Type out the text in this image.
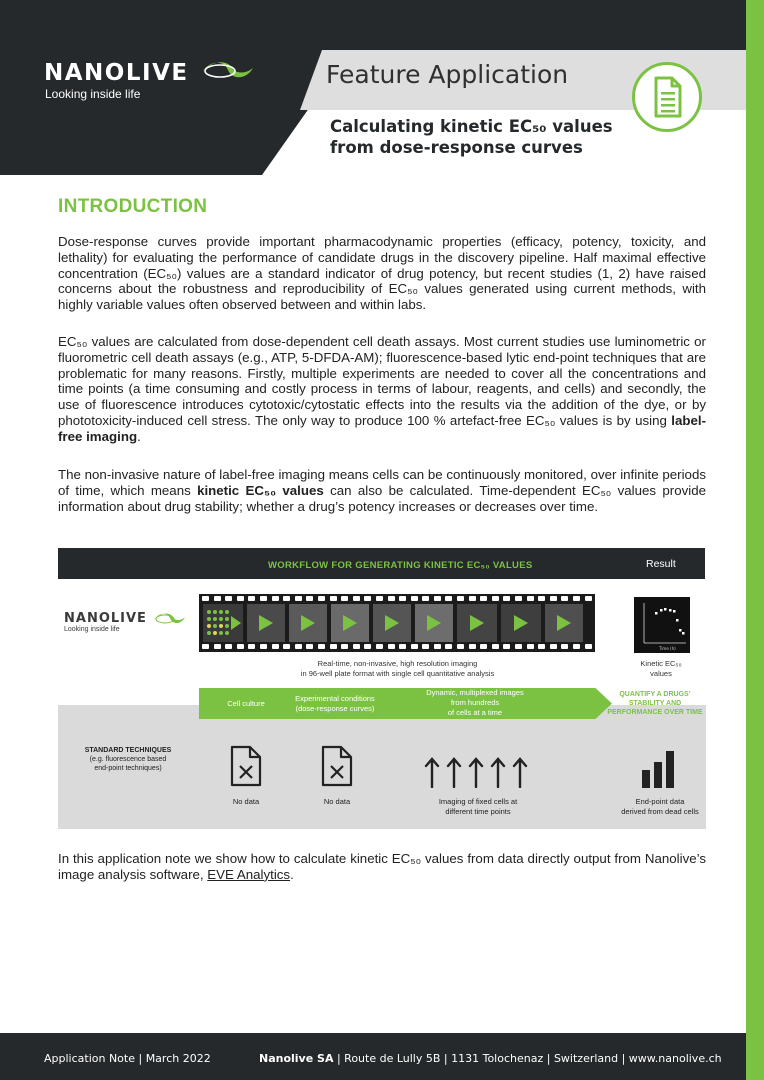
NANOLIVE
Looking inside life
Feature Application
Calculating kinetic EC₅₀ values
from dose-response curves
INTRODUCTION
Dose-response curves provide important pharmacodynamic properties (efficacy, potency, toxicity, and lethality) for evaluating the performance of candidate drugs in the discovery pipeline. Half maximal effective concentration (EC₅₀) values are a standard indicator of drug potency, but recent studies (1, 2) have raised concerns about the robustness and reproducibility of EC₅₀ values generated using current methods, with highly variable values often observed between and within labs.
EC₅₀ values are calculated from dose-dependent cell death assays. Most current studies use luminometric or fluorometric cell death assays (e.g., ATP, 5-DFDA-AM); fluorescence-based lytic end-point techniques that are problematic for many reasons. Firstly, multiple experiments are needed to cover all the concentrations and time points (a time consuming and costly process in terms of labour, reagents, and cells) and secondly, the use of fluorescence introduces cytotoxic/cytostatic effects into the results via the addition of the dye, or by phototoxicity-induced cell stress. The only way to produce 100 % artefact-free EC₅₀ values is by using label-free imaging.
The non-invasive nature of label-free imaging means cells can be continuously monitored, over infinite periods of time, which means kinetic EC₅₀ values can also be calculated. Time-dependent EC₅₀ values provide information about drug stability; whether a drug’s potency increases or decreases over time.
WORKFLOW FOR GENERATING KINETIC EC₅₀ VALUES	Result
NANOLIVE
Looking inside life
Real-time, non-invasive, high resolution imaging
in 96-well plate format with single cell quantitative analysis
Time (h)
Kinetic EC₅₀
values
Cell culture
Experimental conditions
(dose-response curves)
Dynamic, multiplexed images
from hundreds
of cells at a time
QUANTIFY A DRUGS’
STABILITY AND
PERFORMANCE OVER TIME
STANDARD TECHNIQUES
(e.g. fluorescence based
end-point techniques)
No data	No data	Imaging of fixed cells at
different time points
End-point data
derived from dead cells
In this application note we show how to calculate kinetic EC₅₀ values from data directly output from Nanolive’s image analysis software, EVE Analytics.
Application Note | March 2022	Nanolive SA | Route de Lully 5B | 1131 Tolochenaz | Switzerland | www.nanolive.ch
